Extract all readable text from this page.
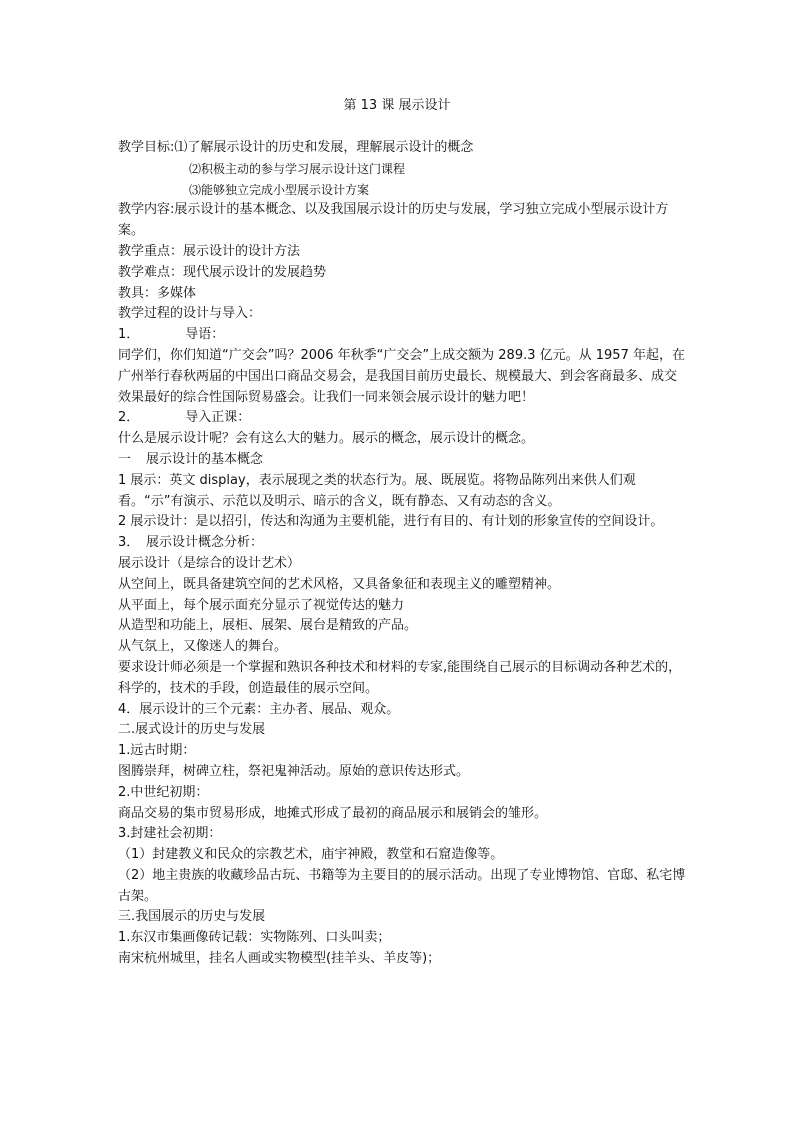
第 13 课 展示设计

教学目标:⑴了解展示设计的历史和发展，理解展示设计的概念

⑵积极主动的参与学习展示设计这门课程

⑶能够独立完成小型展示设计方案

教学内容:展示设计的基本概念、以及我国展示设计的历史与发展，学习独立完成小型展示设计方案。

教学重点：展示设计的设计方法

教学难点：现代展示设计的发展趋势

教具：多媒体

教学过程的设计与导入：

1．	导语：

同学们，你们知道“广交会”吗？2006 年秋季“广交会”上成交额为 289.3 亿元。从 1957 年起，在广州举行春秋两届的中国出口商品交易会，是我国目前历史最长、规模最大、到会客商最多、成交效果最好的综合性国际贸易盛会。让我们一同来领会展示设计的魅力吧！

2．	导入正课：

什么是展示设计呢？会有这么大的魅力。展示的概念，展示设计的概念。

一 展示设计的基本概念

1 展示：英文 display，表示展现之类的状态行为。展、既展览。将物品陈列出来供人们观看。“示”有演示、示范以及明示、暗示的含义，既有静态、又有动态的含义。

2 展示设计：是以招引，传达和沟通为主要机能，进行有目的、有计划的形象宣传的空间设计。

3． 展示设计概念分析：

展示设计（是综合的设计艺术）

从空间上，既具备建筑空间的艺术风格，又具备象征和表现主义的雕塑精神。

从平面上，每个展示面充分显示了视觉传达的魅力

从造型和功能上，展柜、展架、展台是精致的产品。

从气氛上，又像迷人的舞台。

要求设计师必须是一个掌握和熟识各种技术和材料的专家,能围绕自己展示的目标调动各种艺术的，科学的，技术的手段，创造最佳的展示空间。

4．展示设计的三个元素：主办者、展品、观众。

二.展式设计的历史与发展

1.远古时期：

图腾崇拜，树碑立柱，祭祀鬼神活动。原始的意识传达形式。

2.中世纪初期：

商品交易的集市贸易形成，地摊式形成了最初的商品展示和展销会的雏形。

3.封建社会初期：

（1）封建教义和民众的宗教艺术，庙宇神殿，教堂和石窟造像等。

（2）地主贵族的收藏珍品古玩、书籍等为主要目的的展示活动。出现了专业博物馆、官邸、私宅博古架。

三.我国展示的历史与发展

1.东汉市集画像砖记载：实物陈列、口头叫卖；

南宋杭州城里，挂名人画或实物模型(挂羊头、羊皮等)；
